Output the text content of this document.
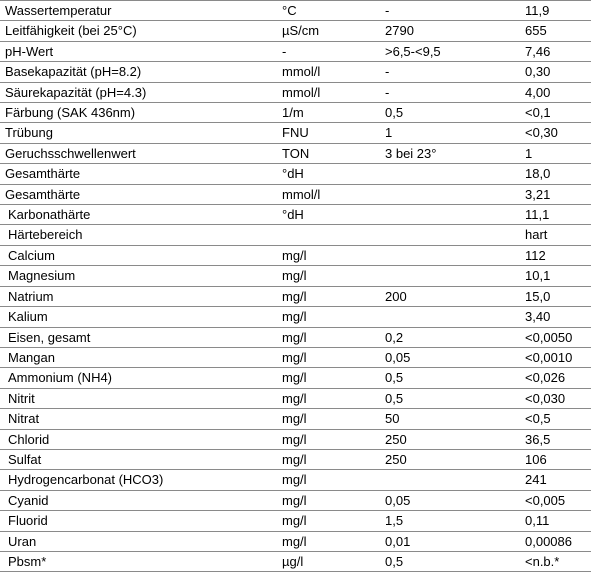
Wassertemperatur	°C	-	11,9
Leitfähigkeit (bei 25°C)	µS/cm	2790	655
pH-Wert	-	>6,5-<9,5	7,46
Basekapazität (pH=8.2)	mmol/l	-	0,30
Säurekapazität (pH=4.3)	mmol/l	-	4,00
Färbung (SAK 436nm)	1/m	0,5	<0,1
Trübung	FNU	1	<0,30
Geruchsschwellenwert	TON	3 bei 23°	1
Gesamthärte	°dH		18,0
Gesamthärte	mmol/l		3,21
Karbonathärte	°dH		11,1
Härtebereich			hart
Calcium	mg/l		112
Magnesium	mg/l		10,1
Natrium	mg/l	200	15,0
Kalium	mg/l		3,40
Eisen, gesamt	mg/l	0,2	<0,0050
Mangan	mg/l	0,05	<0,0010
Ammonium (NH4)	mg/l	0,5	<0,026
Nitrit	mg/l	0,5	<0,030
Nitrat	mg/l	50	<0,5
Chlorid	mg/l	250	36,5
Sulfat	mg/l	250	106
Hydrogencarbonat (HCO3)	mg/l		241
Cyanid	mg/l	0,05	<0,005
Fluorid	mg/l	1,5	0,11
Uran	mg/l	0,01	0,00086
Pbsm*	µg/l	0,5	<n.b.*
